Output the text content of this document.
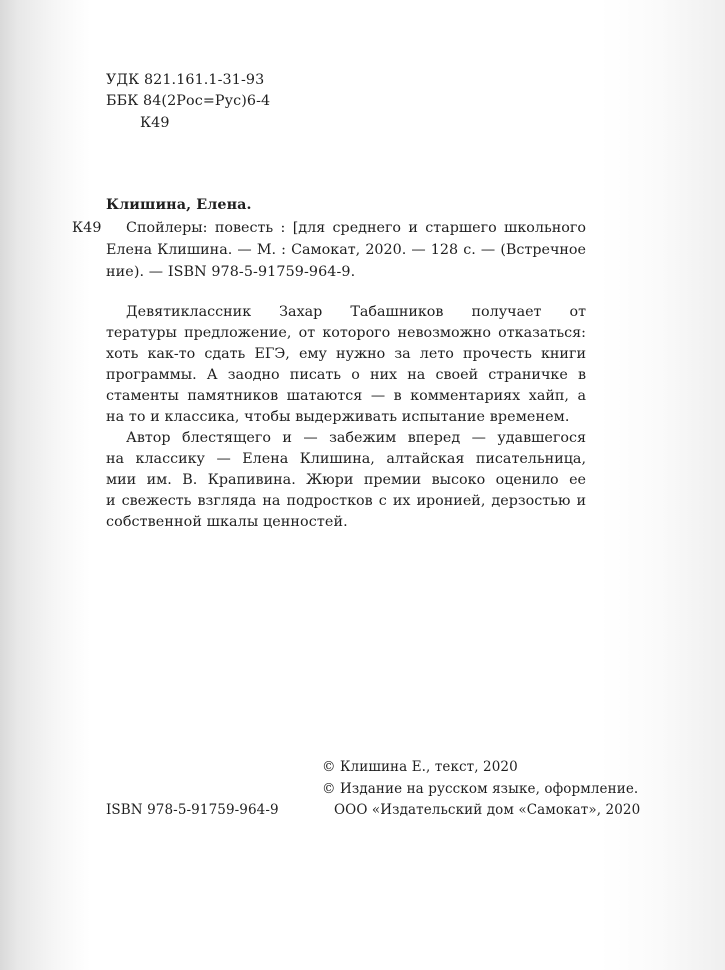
УДК 821.161.1-31-93
ББК 84(2Рос=Рус)6-4
К49
Клишина, Елена.
К49 Спойлеры: повесть : [для среднего и старшего школьного
Елена Клишина. — М. : Самокат, 2020. — 128 с. — (Встречное
ние). — ISBN 978-5-91759-964-9.
Девятиклассник Захар Табашников получает от
тературы предложение, от которого невозможно отказаться:
хоть как-то сдать ЕГЭ, ему нужно за лето прочесть книги
программы. А заодно писать о них на своей страничке в
стаменты памятников шатаются — в комментариях хайп, а
на то и классика, чтобы выдерживать испытание временем.
Автор блестящего и — забежим вперед — удавшегося
на классику — Елена Клишина, алтайская писательница,
мии им. В. Крапивина. Жюри премии высоко оценило ее
и свежесть взгляда на подростков с их иронией, дерзостью и
собственной шкалы ценностей.
© Клишина Е., текст, 2020
© Издание на русском языке, оформление.
ООО «Издательский дом «Самокат», 2020
ISBN 978-5-91759-964-9
